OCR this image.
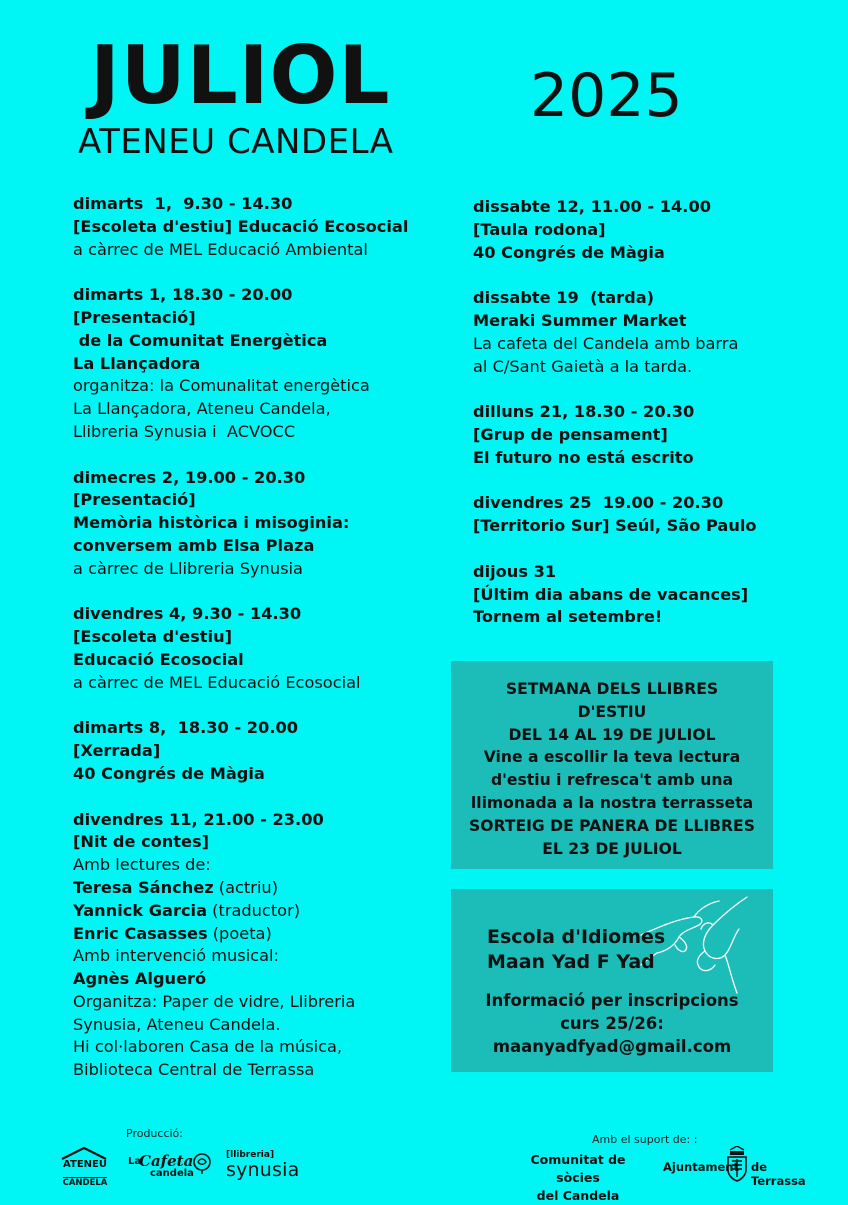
JULIOL
ATENEU CANDELA
2025
dimarts  1,  9.30 - 14.30
[Escoleta d'estiu] Educació Ecosocial
a càrrec de MEL Educació Ambiental
dimarts 1, 18.30 - 20.00
[Presentació]
de la Comunitat Energètica
La Llançadora
organitza: la Comunalitat energètica
La Llançadora, Ateneu Candela,
Llibreria Synusia i  ACVOCC
dimecres 2, 19.00 - 20.30
[Presentació]
Memòria històrica i misoginia:
conversem amb Elsa Plaza
a càrrec de Llibreria Synusia
divendres 4, 9.30 - 14.30
[Escoleta d'estiu]
Educació Ecosocial
a càrrec de MEL Educació Ecosocial
dimarts 8,  18.30 - 20.00
[Xerrada]
40 Congrés de Màgia
divendres 11, 21.00 - 23.00
[Nit de contes]
Amb lectures de:
Teresa Sánchez (actriu)
Yannick Garcia (traductor)
Enric Casasses (poeta)
Amb intervenció musical:
Agnès Algueró
Organitza: Paper de vidre, Llibreria
Synusia, Ateneu Candela.
Hi col·laboren Casa de la música,
Biblioteca Central de Terrassa
dissabte 12, 11.00 - 14.00
[Taula rodona]
40 Congrés de Màgia
dissabte 19  (tarda)
Meraki Summer Market
La cafeta del Candela amb barra
al C/Sant Gaietà a la tarda.
dilluns 21, 18.30 - 20.30
[Grup de pensament]
El futuro no está escrito
divendres 25  19.00 - 20.30
[Territorio Sur] Seúl, São Paulo
dijous 31
[Últim dia abans de vacances]
Tornem al setembre!
SETMANA DELS LLIBRES
D'ESTIU
DEL 14 AL 19 DE JULIOL
Vine a escollir la teva lectura
d'estiu i refresca't amb una
llimonada a la nostra terrasseta
SORTEIG DE PANERA DE LLIBRES
EL 23 DE JULIOL
Escola d'Idiomes
Maan Yad F Yad
Informació per inscripcions
curs 25/26:
maanyadfyad@gmail.com
Producció:
ATENEU
CANDELA
La
Cafeta
candela
[llibreria]
synusia
Amb el suport de: :
Comunitat de sòcies
del Candela
Ajuntament de Terrassa
